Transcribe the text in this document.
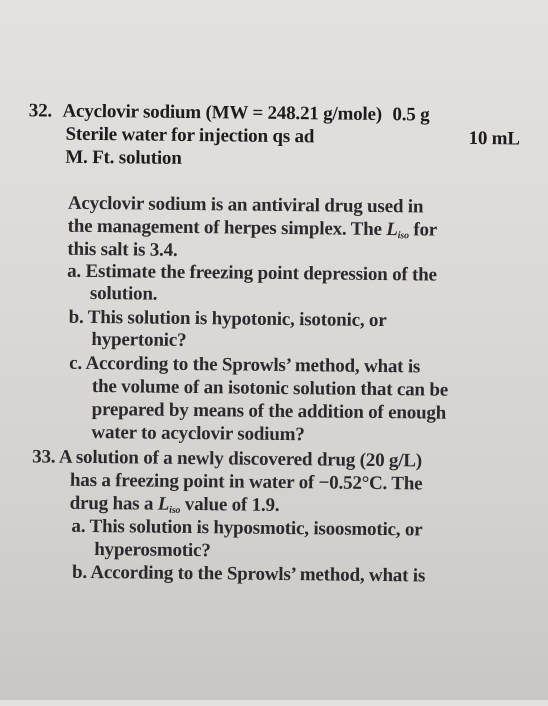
32. Acyclovir sodium (MW = 248.21 g/mole) 0.5 g
Sterile water for injection qs ad	10 mL
M. Ft. solution
Acyclovir sodium is an antiviral drug used in
the management of herpes simplex. The $L_{iso}$ for
this salt is 3.4.
a. Estimate the freezing point depression of the
solution.
b. This solution is hypotonic, isotonic, or
hypertonic?
c. According to the Sprowls’ method, what is
the volume of an isotonic solution that can be
prepared by means of the addition of enough
water to acyclovir sodium?
33. A solution of a newly discovered drug (20 g/L)
has a freezing point in water of −0.52°C. The
drug has a $L_{iso}$ value of 1.9.
a. This solution is hyposmotic, isoosmotic, or
hyperosmotic?
b. According to the Sprowls’ method, what is
